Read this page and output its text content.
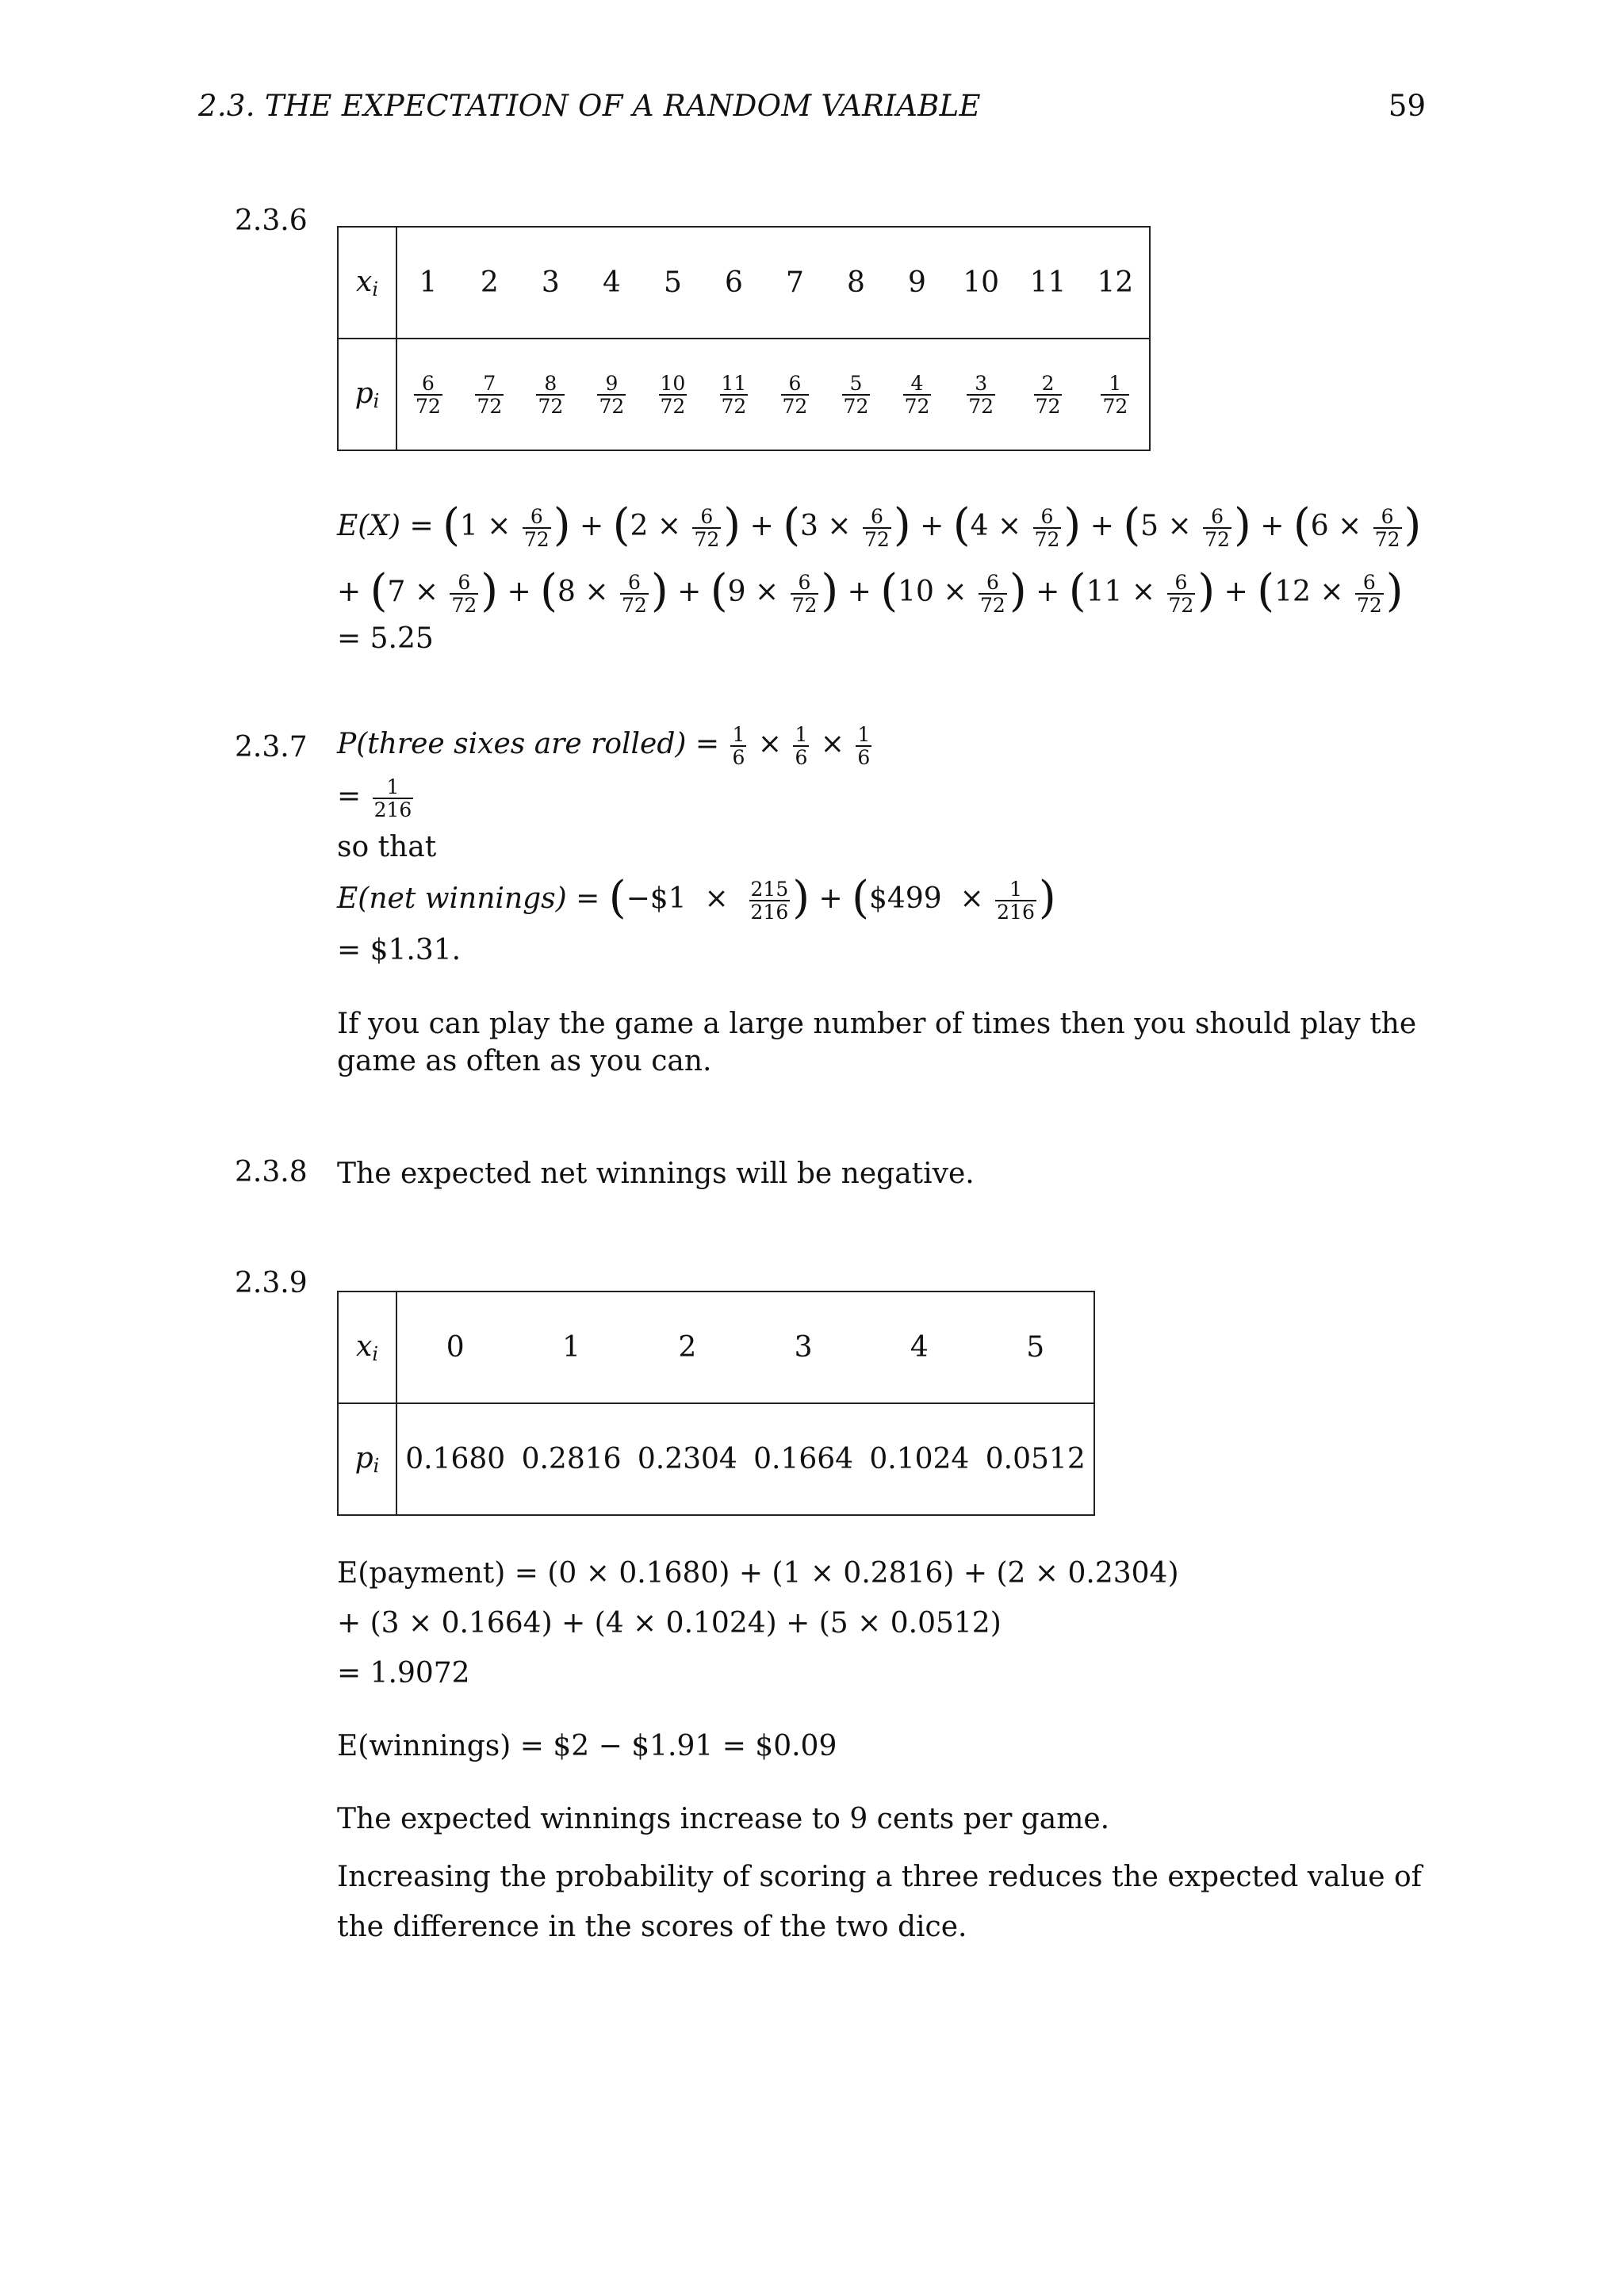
2.3. THE EXPECTATION OF A RANDOM VARIABLE	59
2.3.6
$x_i$	1	2	3	4	5	6	7	8	9	10	11	12
$p_i$	$\frac{6}{72}$	$\frac{7}{72}$	$\frac{8}{72}$	$\frac{9}{72}$	$\frac{10}{72}$	$\frac{11}{72}$	$\frac{6}{72}$	$\frac{5}{72}$	$\frac{4}{72}$	$\frac{3}{72}$	$\frac{2}{72}$	$\frac{1}{72}$
$E(X) = (1 \times \frac{6}{72}$ ) + ($2 \times \frac{6}{72}$ ) + ($3 \times \frac{6}{72}$ ) + ($4 \times \frac{6}{72}$ ) + ($5 \times \frac{6}{72}$ ) + ($6 \times \frac{6}{72}$ )
+ ($7 \times \frac{6}{72}$ ) + ($8 \times \frac{6}{72}$ ) + ($9 \times \frac{6}{72}$ ) + ($10 \times \frac{6}{72}$ ) + ($11 \times \frac{6}{72}$ ) + ($12 \times \frac{6}{72}$ )
= 5.25
2.3.7 P(three sixes are rolled) = $\frac{1}{6} \times \frac{1}{6} \times \frac{1}{6}$
= $\frac{1}{216}$
so that
E(net winnings) = (−$1  × $\frac{215}{216}$ ) + ($499  × $\frac{1}{216}$ )
= $1.31.
If you can play the game a large number of times then you should play the game as often as you can.
2.3.8 The expected net winnings will be negative.
2.3.9
$x_i$	0	1	2	3	4	5
$p_i$	0.1680	0.2816	0.2304	0.1664	0.1024	0.0512
E(payment) = (0 × 0.1680) + (1 × 0.2816) + (2 × 0.2304)
+ (3 × 0.1664) + (4 × 0.1024) + (5 × 0.0512)
= 1.9072
E(winnings) = $2 − $1.91 = $0.09
The expected winnings increase to 9 cents per game.
Increasing the probability of scoring a three reduces the expected value of the difference in the scores of the two dice.
